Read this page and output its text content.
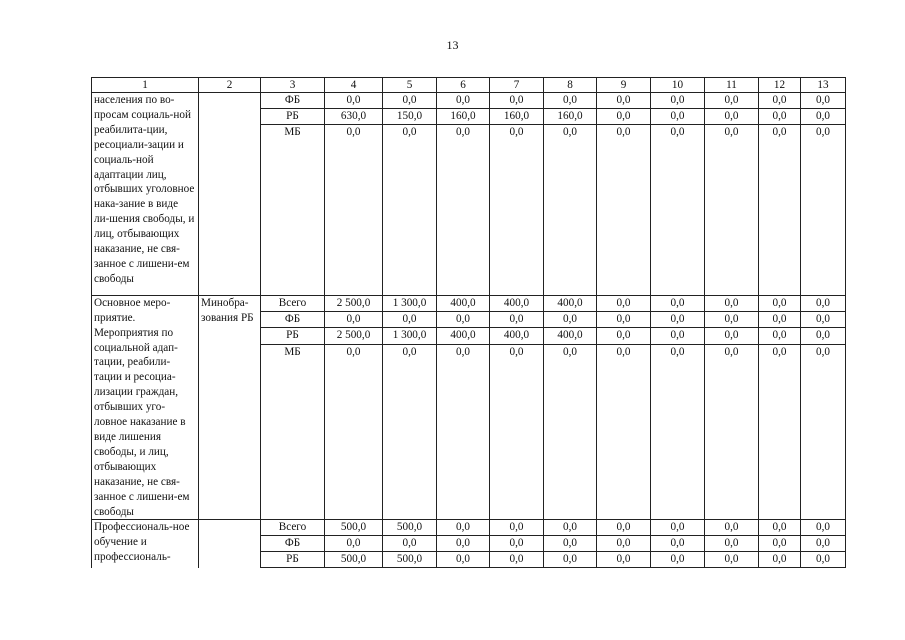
13
1	2	3	4	5	6	7	8	9	10	11	12	13
населения по во-просам социаль-ной реабилита-ции, ресоциали-зации и социаль-ной адаптации лиц, отбывших уголовное нака-зание в виде ли-шения свободы, и лиц, отбывающих наказание, не свя-занное с лишени-ем свободы		ФБ	0,0	0,0	0,0	0,0	0,0	0,0	0,0	0,0	0,0	0,0
		РБ	630,0	150,0	160,0	160,0	160,0	0,0	0,0	0,0	0,0	0,0
		МБ	0,0	0,0	0,0	0,0	0,0	0,0	0,0	0,0	0,0	0,0
Основное меро-приятие. Мероприятия по социальной адап-тации, реабили-тации и ресоциа-лизации граждан, отбывших уго-ловное наказание в виде лишения свободы, и лиц, отбывающих наказание, не свя-занное с лишени-ем свободы	Минобра-зования РБ	Всего	2 500,0	1 300,0	400,0	400,0	400,0	0,0	0,0	0,0	0,0	0,0
		ФБ	0,0	0,0	0,0	0,0	0,0	0,0	0,0	0,0	0,0	0,0
		РБ	2 500,0	1 300,0	400,0	400,0	400,0	0,0	0,0	0,0	0,0	0,0
		МБ	0,0	0,0	0,0	0,0	0,0	0,0	0,0	0,0	0,0	0,0
Профессиональ-ное обучение и профессиональ-		Всего	500,0	500,0	0,0	0,0	0,0	0,0	0,0	0,0	0,0	0,0
		ФБ	0,0	0,0	0,0	0,0	0,0	0,0	0,0	0,0	0,0	0,0
		РБ	500,0	500,0	0,0	0,0	0,0	0,0	0,0	0,0	0,0	0,0
